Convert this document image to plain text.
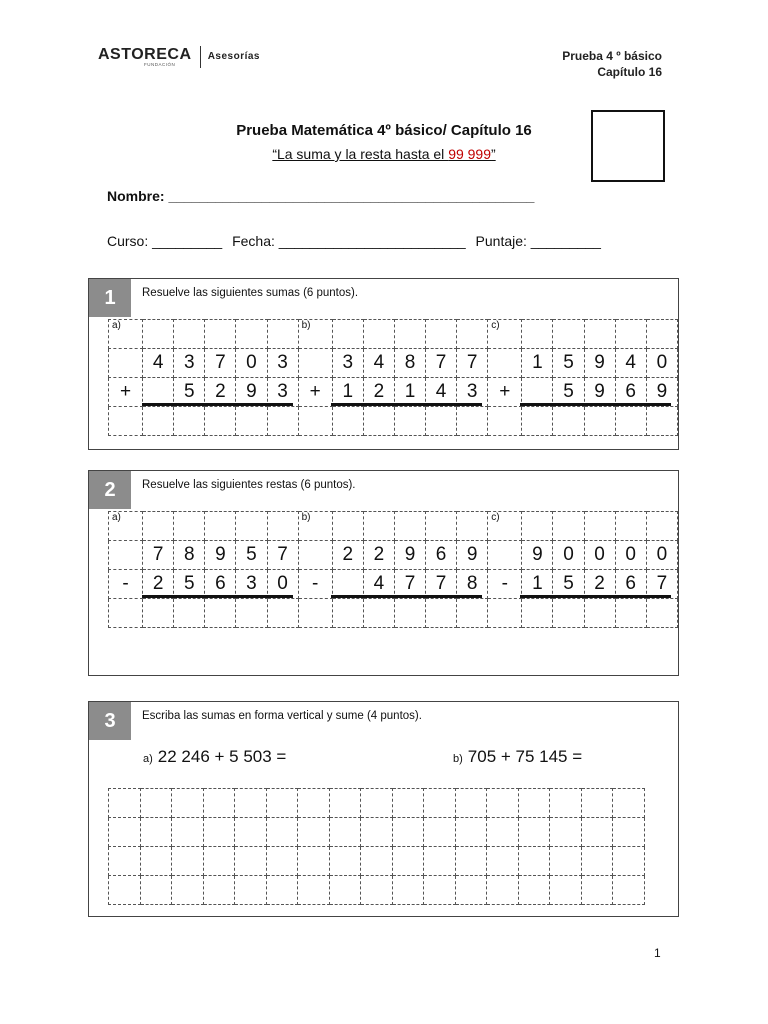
ASTORECA
FUNDACIÓN
Asesorías	Prueba 4 º básico
Capítulo 16
Prueba Matemática 4º básico/ Capítulo 16
“La suma y la resta hasta el 99 999”
Nombre: _______________________________________________
Curso: _________ Fecha: ________________________ Puntaje: _________
1	Resuelve las siguientes sumas (6 puntos).
a)						b)						c)					
	4	3	7	0	3		3	4	8	7	7		1	5	9	4	0
+		5	2	9	3	+	1	2	1	4	3	+		5	9	6	9

2	Resuelve las siguientes restas (6 puntos).
a)						b)						c)					
	7	8	9	5	7		2	2	9	6	9		9	0	0	0	0
-	2	5	6	3	0	-		4	7	7	8	-	1	5	2	6	7

3	Escriba las sumas en forma vertical y sume (4 puntos).
a) 22 246 + 5 503 =	b) 705 + 75 145 =

1
